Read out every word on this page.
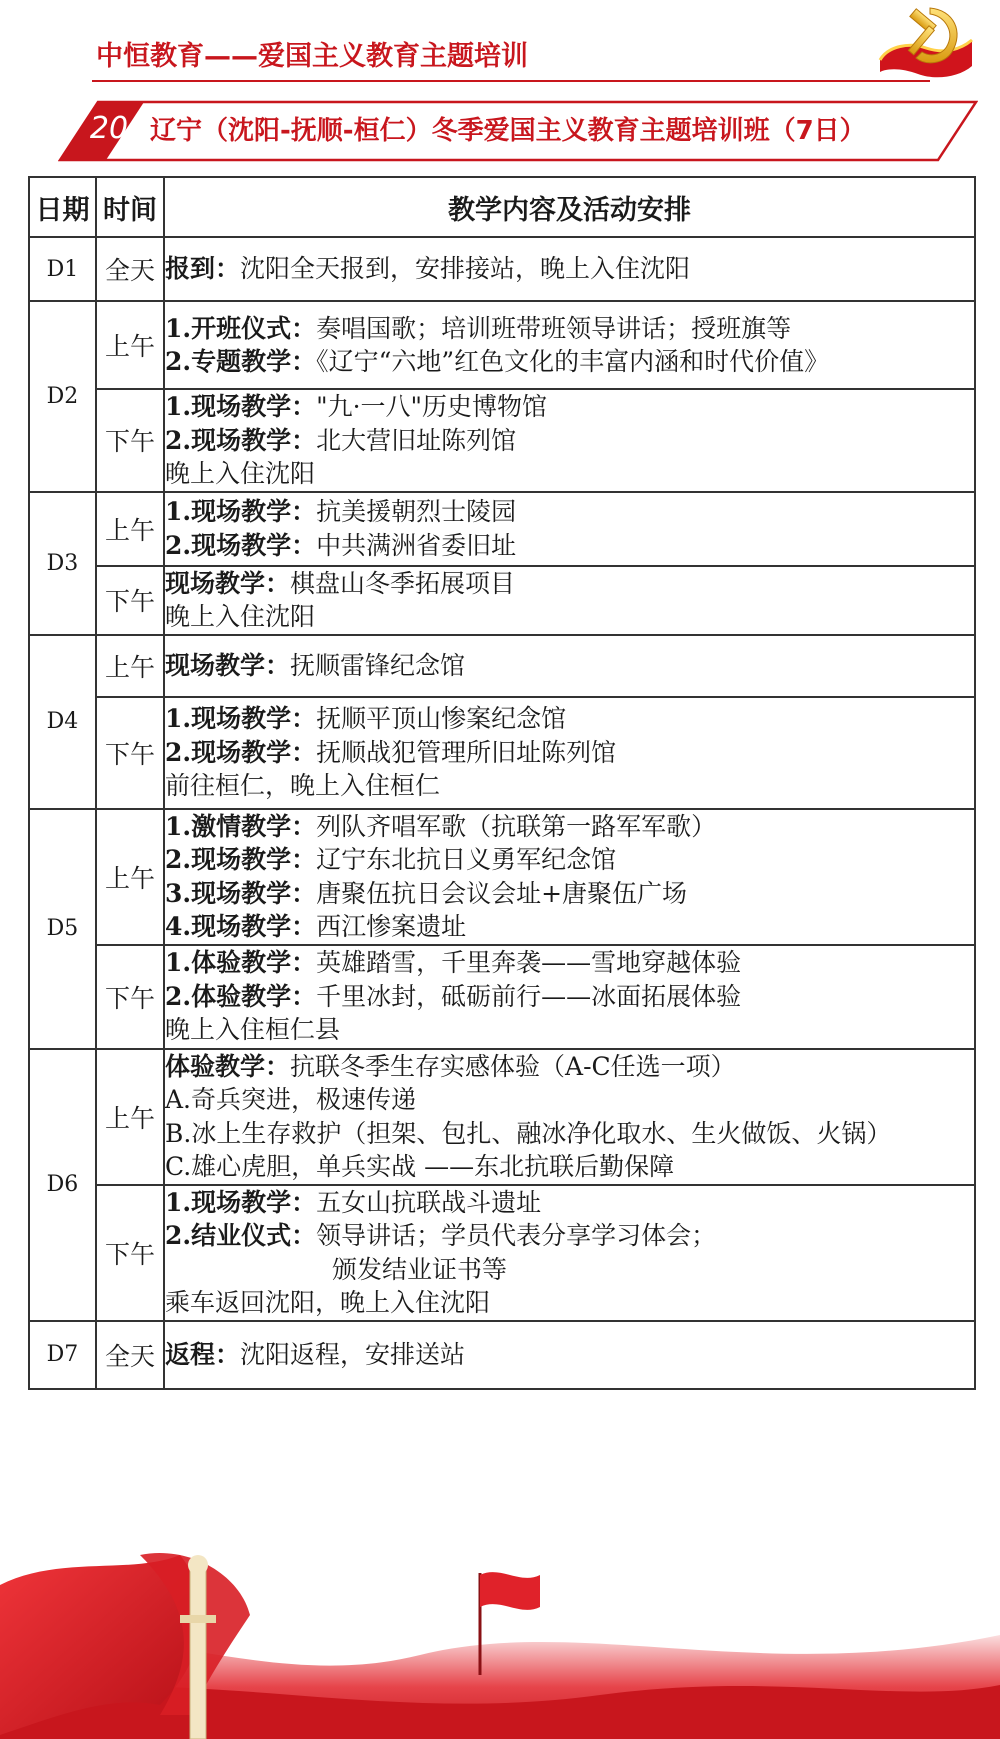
中恒教育——爱国主义教育主题培训
20 辽宁（沈阳-抚顺-桓仁）冬季爱国主义教育主题培训班（7日）
日期	时间	教学内容及活动安排
D1	全天	报到：沈阳全天报到，安排接站，晚上入住沈阳

D2	上午	1.开班仪式：奏唱国歌；培训班带班领导讲话；授班旗等
2.专题教学：《辽宁“六地”红色文化的丰富内涵和时代价值》

	下午	1.现场教学："九·一八"历史博物馆
2.现场教学：北大营旧址陈列馆
晚上入住沈阳

D3	上午	1.现场教学：抗美援朝烈士陵园
2.现场教学：中共满洲省委旧址

	下午	现场教学：棋盘山冬季拓展项目
晚上入住沈阳

D4	上午	现场教学：抚顺雷锋纪念馆

	下午	1.现场教学：抚顺平顶山惨案纪念馆
2.现场教学：抚顺战犯管理所旧址陈列馆
前往桓仁，晚上入住桓仁

D5	上午	1.激情教学：列队齐唱军歌（抗联第一路军军歌）
2.现场教学：辽宁东北抗日义勇军纪念馆
3.现场教学：唐聚伍抗日会议会址+唐聚伍广场
4.现场教学：西江惨案遗址

	下午	1.体验教学：英雄踏雪，千里奔袭——雪地穿越体验
2.体验教学：千里冰封，砥砺前行——冰面拓展体验
晚上入住桓仁县

D6	上午	体验教学：抗联冬季生存实感体验（A-C任选一项）
A.奇兵突进，极速传递
B.冰上生存救护（担架、包扎、融冰净化取水、生火做饭、火锅）
C.雄心虎胆，单兵实战 ——东北抗联后勤保障

	下午	1.现场教学：五女山抗联战斗遗址
2.结业仪式：领导讲话；学员代表分享学习体会；
颁发结业证书等
乘车返回沈阳，晚上入住沈阳

D7	全天	返程：沈阳返程，安排送站
